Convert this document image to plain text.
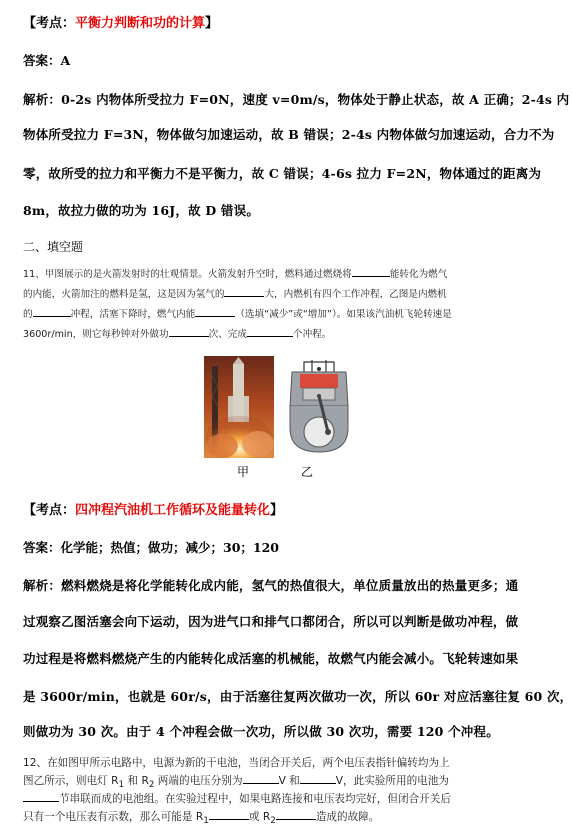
【考点：平衡力判断和功的计算】
答案：A
解析：0-2s 内物体所受拉力 F=0N，速度 v=0m/s，物体处于静止状态，故 A 正确；2-4s 内
物体所受拉力 F=3N，物体做匀加速运动，故 B 错误；2-4s 内物体做匀加速运动，合力不为
零，故所受的拉力和平衡力不是平衡力，故 C 错误；4-6s 拉力 F=2N，物体通过的距离为
8m，故拉力做的功为 16J，故 D 错误。
二、填空题
11、甲图展示的是火箭发射时的壮观情景。火箭发射升空时，燃料通过燃烧将	能转化为燃气
的内能，火箭加注的燃料是氢，这是因为氢气的	大，内燃机有四个工作冲程，乙图是内燃机
的	冲程，活塞下降时，燃气内能	（选填“减少”或“增加”）。如果该汽油机飞轮转速是
3600r/min，则它每秒钟对外做功	次、完成	个冲程。
甲	乙
【考点：四冲程汽油机工作循环及能量转化】
答案：化学能；热值；做功；减少；30；120
解析：燃料燃烧是将化学能转化成内能，氢气的热值很大，单位质量放出的热量更多；通
过观察乙图活塞会向下运动，因为进气口和排气口都闭合，所以可以判断是做功冲程，做
功过程是将燃料燃烧产生的内能转化成活塞的机械能，故燃气内能会减小。飞轮转速如果
是 3600r/min，也就是 60r/s，由于活塞往复两次做功一次，所以 60r 对应活塞往复 60 次，
则做功为 30 次。由于 4 个冲程会做一次功，所以做 30 次功，需要 120 个冲程。
12、在如图甲所示电路中，电源为新的干电池，当闭合开关后，两个电压表指针偏转均为上
图乙所示，则电灯 $R_1$ 和 $R_2$ 两端的电压分别为	V 和	V，此实验所用的电池为
节串联而成的电池组。在实验过程中，如果电路连接和电压表均完好，但闭合开关后
只有一个电压表有示数，那么可能是 $R_1$	或 $R_2$	造成的故障。
